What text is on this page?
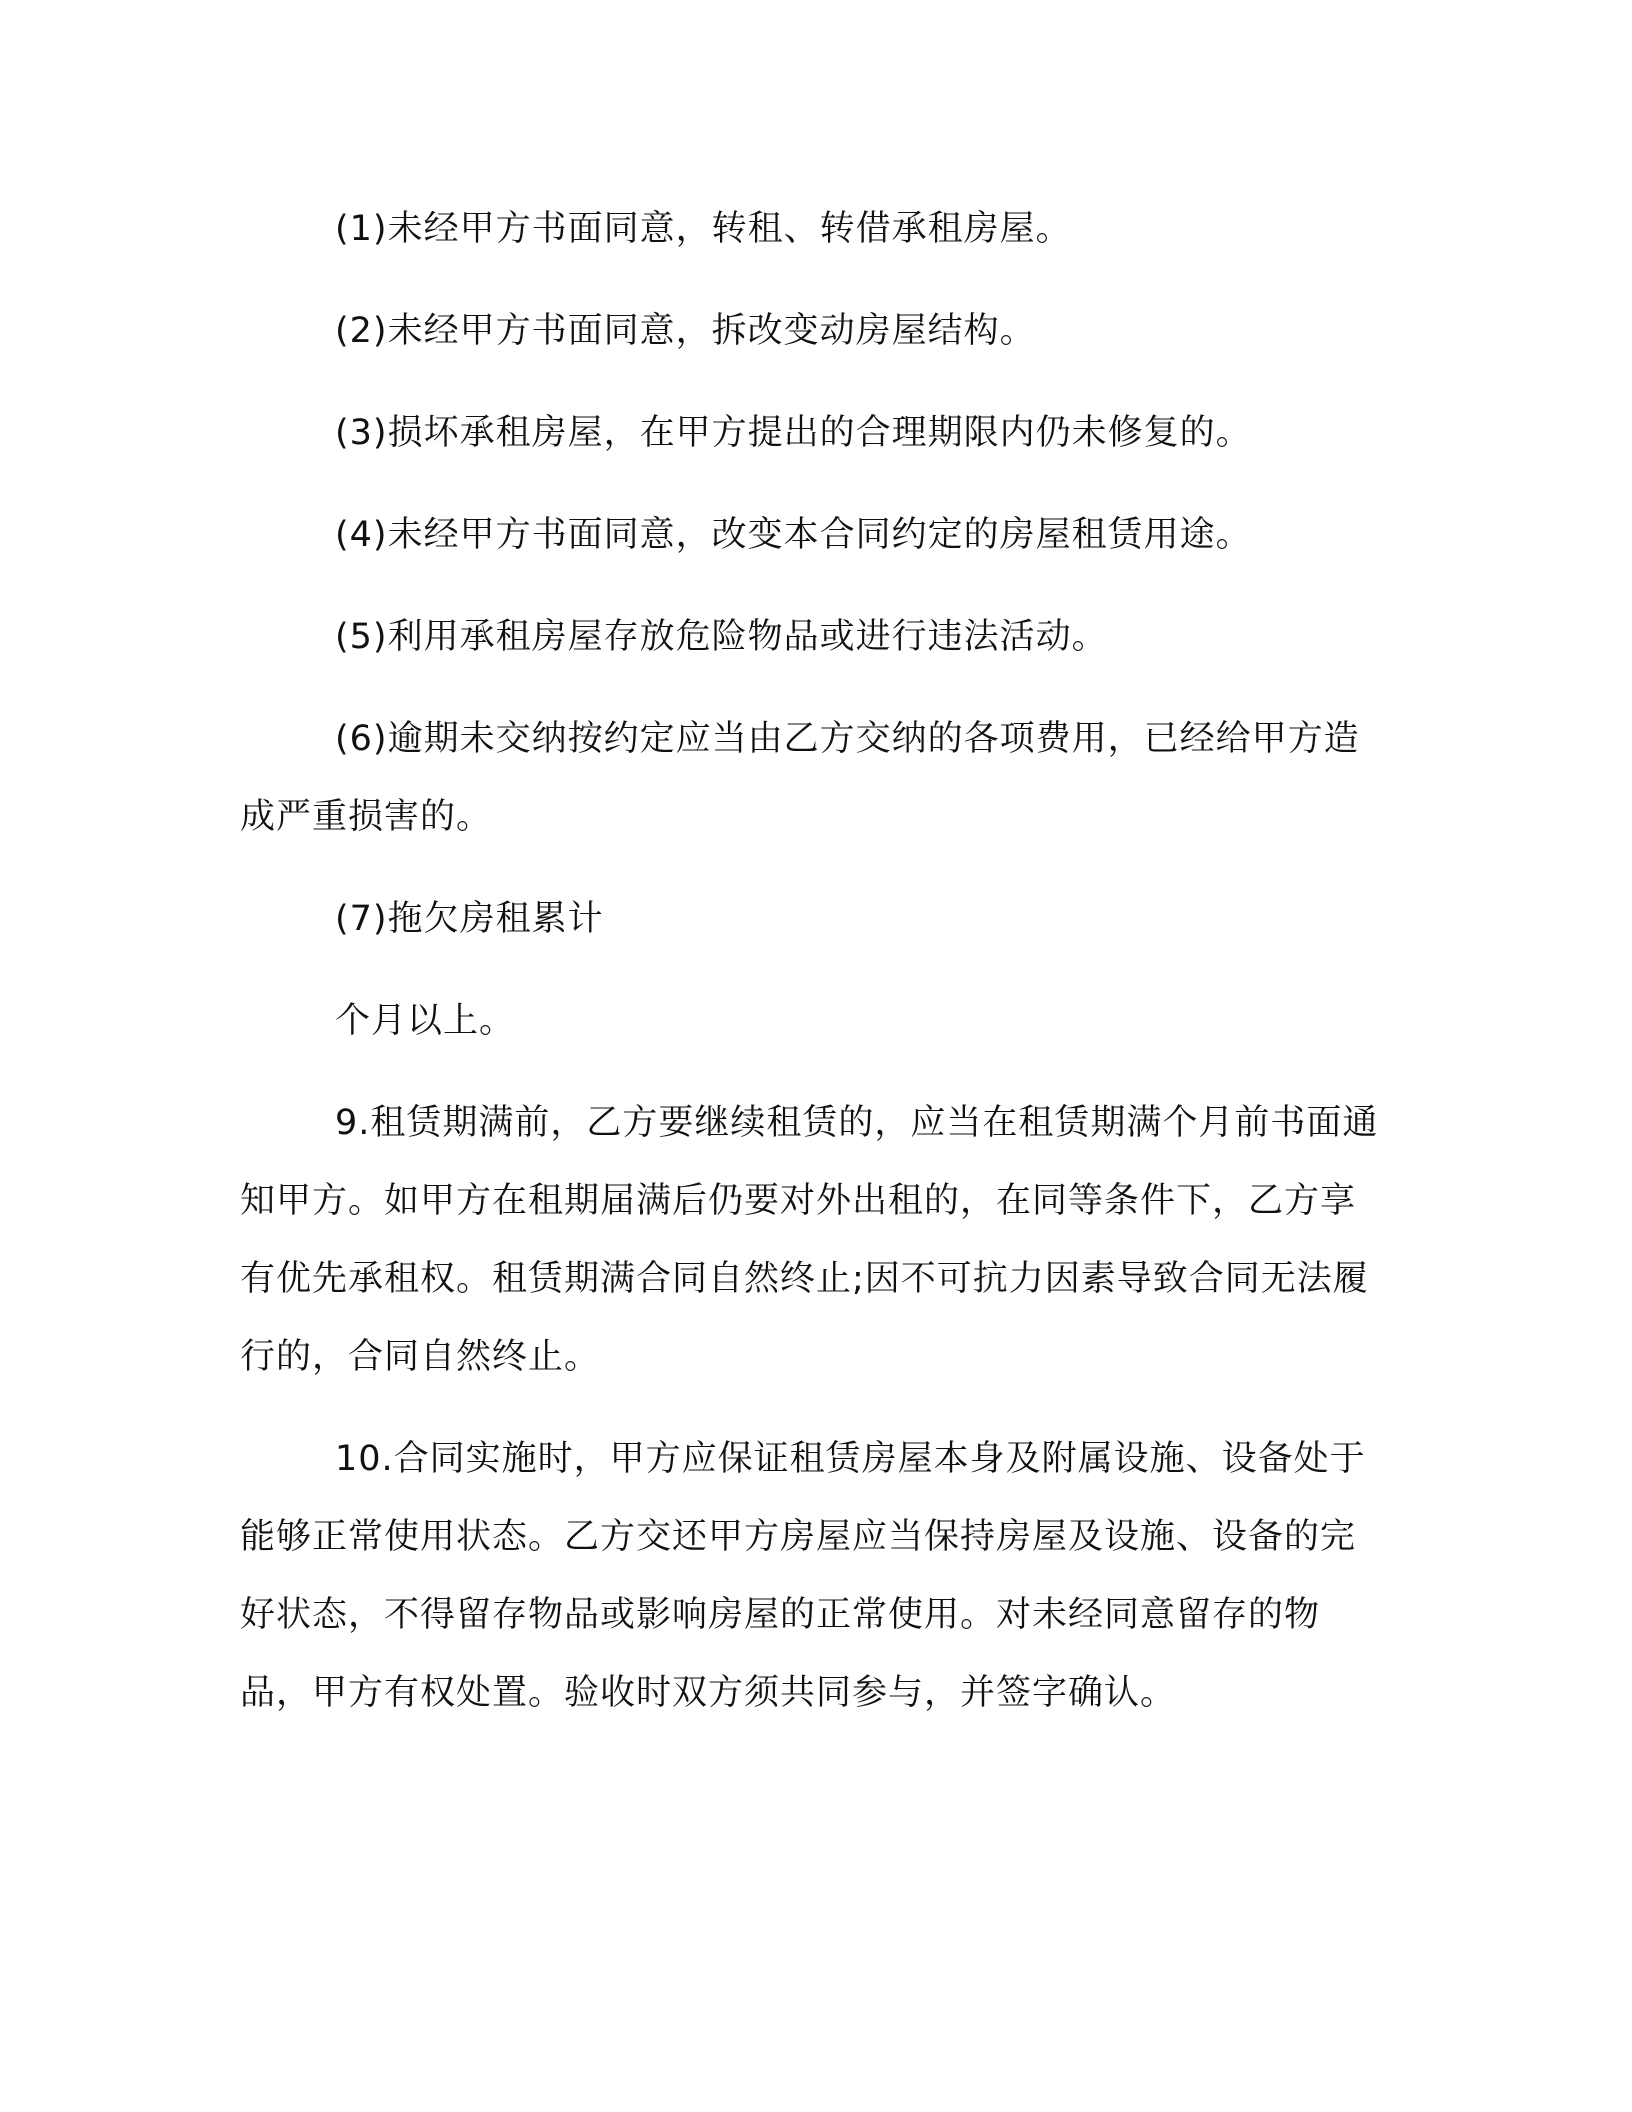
(1)未经甲方书面同意，转租、转借承租房屋。

(2)未经甲方书面同意，拆改变动房屋结构。

(3)损坏承租房屋，在甲方提出的合理期限内仍未修复的。

(4)未经甲方书面同意，改变本合同约定的房屋租赁用途。

(5)利用承租房屋存放危险物品或进行违法活动。

(6)逾期未交纳按约定应当由乙方交纳的各项费用，已经给甲方造成严重损害的。

(7)拖欠房租累计

个月以上。

9.租赁期满前，乙方要继续租赁的，应当在租赁期满个月前书面通知甲方。如甲方在租期届满后仍要对外出租的，在同等条件下，乙方享有优先承租权。租赁期满合同自然终止;因不可抗力因素导致合同无法履行的，合同自然终止。

10.合同实施时，甲方应保证租赁房屋本身及附属设施、设备处于能够正常使用状态。乙方交还甲方房屋应当保持房屋及设施、设备的完好状态，不得留存物品或影响房屋的正常使用。对未经同意留存的物品，甲方有权处置。验收时双方须共同参与，并签字确认。
